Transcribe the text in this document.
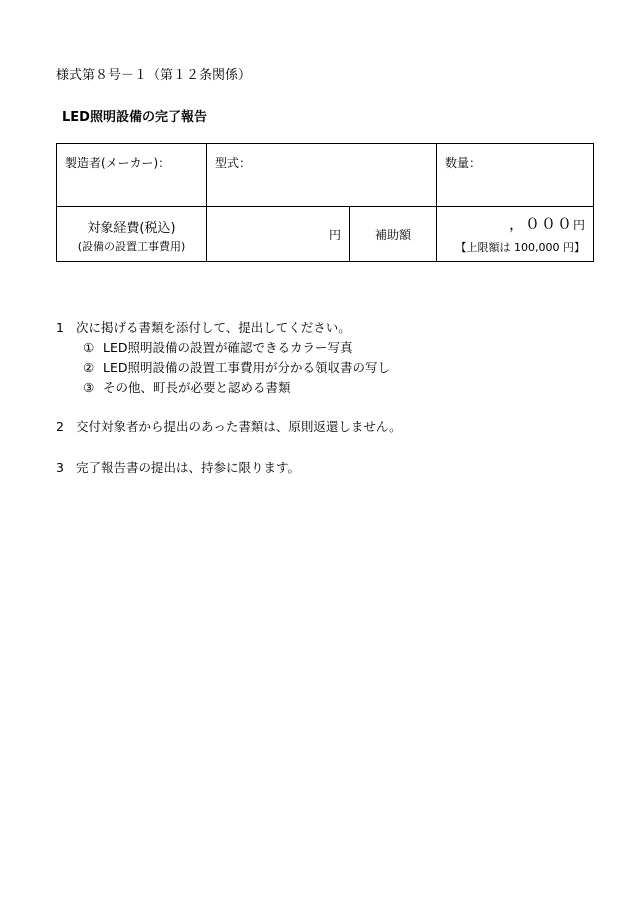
様式第８号－１（第１２条関係）
LED照明設備の完了報告
製造者(メーカー)：	型式：		数量：

対象経費(税込)
(設備の設置工事費用)	円	補助額	，０００円
【上限額は 100,000 円】
1 次に掲げる書類を添付して、提出してください。
① LED照明設備の設置が確認できるカラー写真
② LED照明設備の設置工事費用が分かる領収書の写し
③ その他、町長が必要と認める書類
2 交付対象者から提出のあった書類は、原則返還しません。
3 完了報告書の提出は、持参に限ります。
